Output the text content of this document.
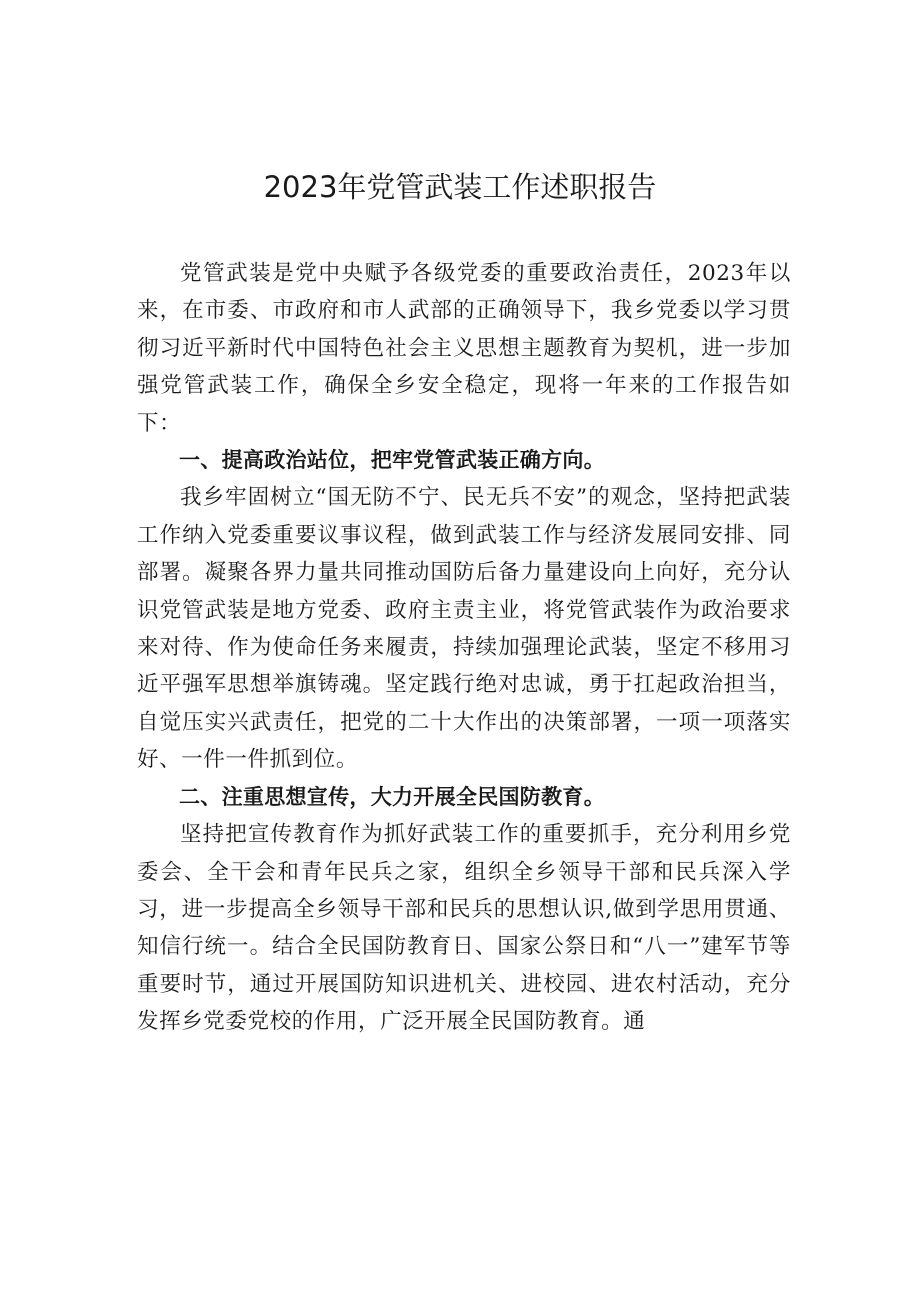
2023年党管武装工作述职报告

党管武装是党中央赋予各级党委的重要政治责任，2023年以来，在市委、市政府和市人武部的正确领导下，我乡党委以学习贯彻习近平新时代中国特色社会主义思想主题教育为契机，进一步加强党管武装工作，确保全乡安全稳定，现将一年来的工作报告如下：

一、提高政治站位，把牢党管武装正确方向。

我乡牢固树立“国无防不宁、民无兵不安”的观念，坚持把武装工作纳入党委重要议事议程，做到武装工作与经济发展同安排、同部署。凝聚各界力量共同推动国防后备力量建设向上向好，充分认识党管武装是地方党委、政府主责主业，将党管武装作为政治要求来对待、作为使命任务来履责，持续加强理论武装，坚定不移用习近平强军思想举旗铸魂。坚定践行绝对忠诚，勇于扛起政治担当，自觉压实兴武责任，把党的二十大作出的决策部署，一项一项落实好、一件一件抓到位。

二、注重思想宣传，大力开展全民国防教育。

坚持把宣传教育作为抓好武装工作的重要抓手，充分利用乡党委会、全干会和青年民兵之家，组织全乡领导干部和民兵深入学习，进一步提高全乡领导干部和民兵的思想认识,做到学思用贯通、知信行统一。结合全民国防教育日、国家公祭日和“八一”建军节等重要时节，通过开展国防知识进机关、进校园、进农村活动，充分发挥乡党委党校的作用，广泛开展全民国防教育。通
